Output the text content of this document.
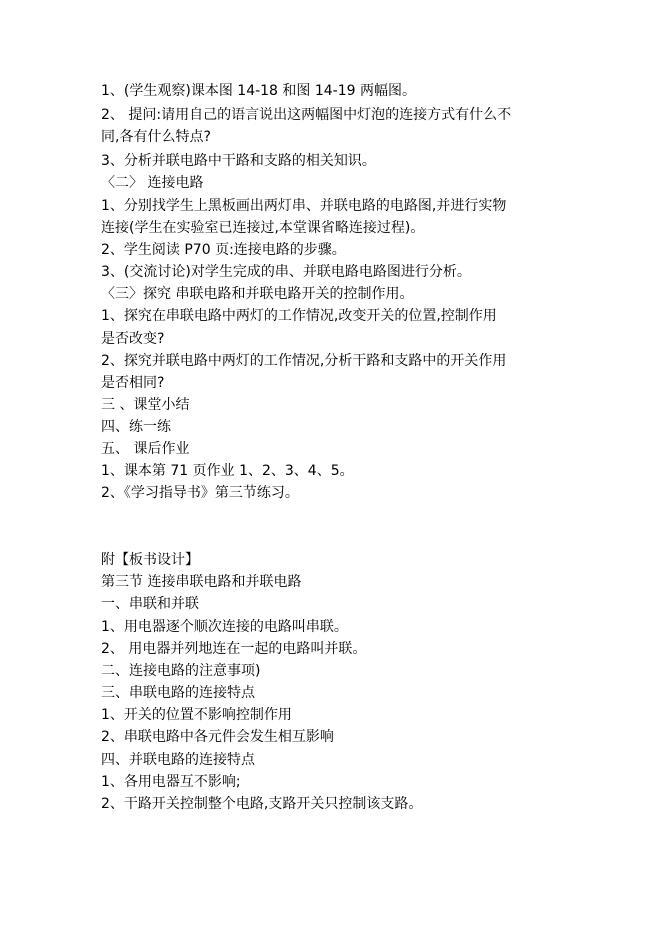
1、(学生观察)课本图 14-18 和图 14-19 两幅图。
2、 提问:请用自己的语言说出这两幅图中灯泡的连接方式有什么不
同,各有什么特点?
3、分析并联电路中干路和支路的相关知识。
〈二〉 连接电路
1、分别找学生上黑板画出两灯串、并联电路的电路图,并进行实物
连接(学生在实验室已连接过,本堂课省略连接过程)。
2、学生阅读 P70 页:连接电路的步骤。
3、(交流讨论)对学生完成的串、并联电路电路图进行分析。
〈三〉探究 串联电路和并联电路开关的控制作用。
1、探究在串联电路中两灯的工作情况,改变开关的位置,控制作用
是否改变?
2、探究并联电路中两灯的工作情况,分析干路和支路中的开关作用
是否相同?
三 、课堂小结
四、练一练
五、 课后作业
1、课本第 71 页作业 1、2、3、4、5。
2、《学习指导书》第三节练习。
附【板书设计】
第三节 连接串联电路和并联电路
一、串联和并联
1、用电器逐个顺次连接的电路叫串联。
2、 用电器并列地连在一起的电路叫并联。
二、连接电路的注意事项)
三、串联电路的连接特点
1、开关的位置不影响控制作用
2、串联电路中各元件会发生相互影响
四、并联电路的连接特点
1、各用电器互不影响;
2、干路开关控制整个电路,支路开关只控制该支路。
